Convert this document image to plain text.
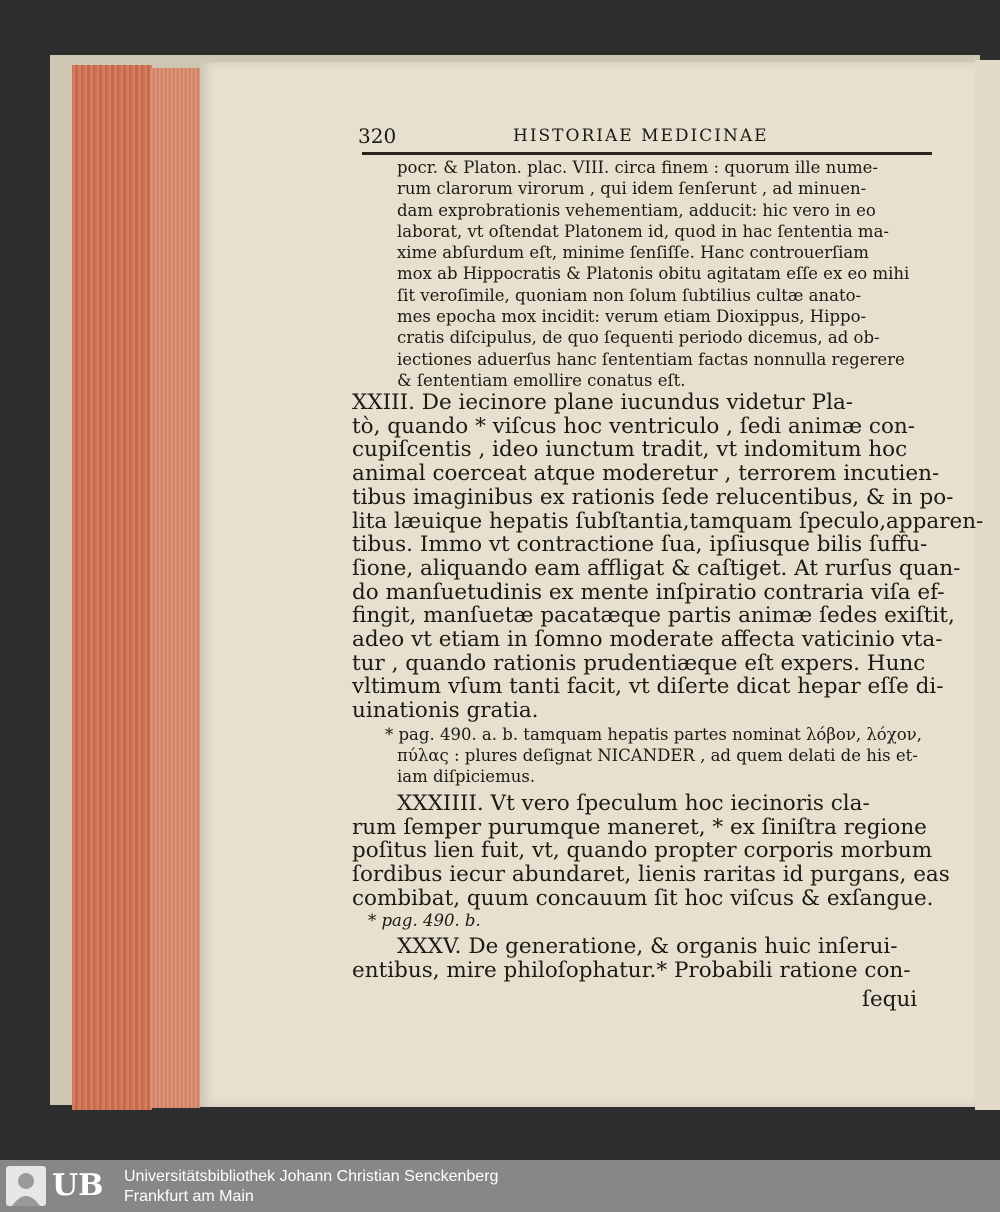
320	HISTORIAE MEDICINAE
pocr. & Platon. plac. VIII. circa finem : quorum ille nume-
rum clarorum virorum , qui idem ſenſerunt , ad minuen-
dam exprobrationis vehementiam, adducit: hic vero in eo
laborat, vt oſtendat Platonem id, quod in hac ſententia ma-
xime abſurdum eſt, minime ſenſiſſe. Hanc controuerſiam
mox ab Hippocratis & Platonis obitu agitatam eſſe ex eo mihi
ſit veroſimile, quoniam non ſolum ſubtilius cultæ anato-
mes epocha mox incidit: verum etiam Dioxippus, Hippo-
cratis diſcipulus, de quo ſequenti periodo dicemus, ad ob-
iectiones aduerſus hanc ſententiam factas nonnulla regerere
& ſententiam emollire conatus eſt.
XXIII. De iecinore plane iucundus videtur Pla-
tò, quando * viſcus hoc ventriculo , ſedi animæ con-
cupiſcentis , ideo iunctum tradit, vt indomitum hoc
animal coerceat atque moderetur , terrorem incutien-
tibus imaginibus ex rationis ſede relucentibus, & in po-
lita læuique hepatis ſubſtantia,tamquam ſpeculo,apparen-
tibus. Immo vt contractione ſua, ipſiusque bilis ſuffu-
ſione, aliquando eam affligat & caſtiget. At rurſus quan-
do manſuetudinis ex mente inſpiratio contraria viſa ef-
fingit, manſuetæ pacatæque partis animæ ſedes exiſtit,
adeo vt etiam in ſomno moderate affecta vaticinio vta-
tur , quando rationis prudentiæque eſt expers. Hunc
vltimum vſum tanti facit, vt diſerte dicat hepar eſſe di-
uinationis gratia.
* pag. 490. a. b. tamquam hepatis partes nominat λόβον, λόχον,
πύλας : plures deſignat NICANDER , ad quem delati de his et-
iam diſpiciemus.
XXXIIII. Vt vero ſpeculum hoc iecinoris cla-
rum ſemper purumque maneret, * ex ſiniſtra regione
poſitus lien fuit, vt, quando propter corporis morbum
ſordibus iecur abundaret, lienis raritas id purgans, eas
combibat, quum concauum ſit hoc viſcus & exſangue.
* pag. 490. b.
XXXV. De generatione, & organis huic inſerui-
entibus, mire philoſophatur.* Probabili ratione con-
ſequi
UB Universitätsbibliothek Johann Christian Senckenberg
Frankfurt am Main
